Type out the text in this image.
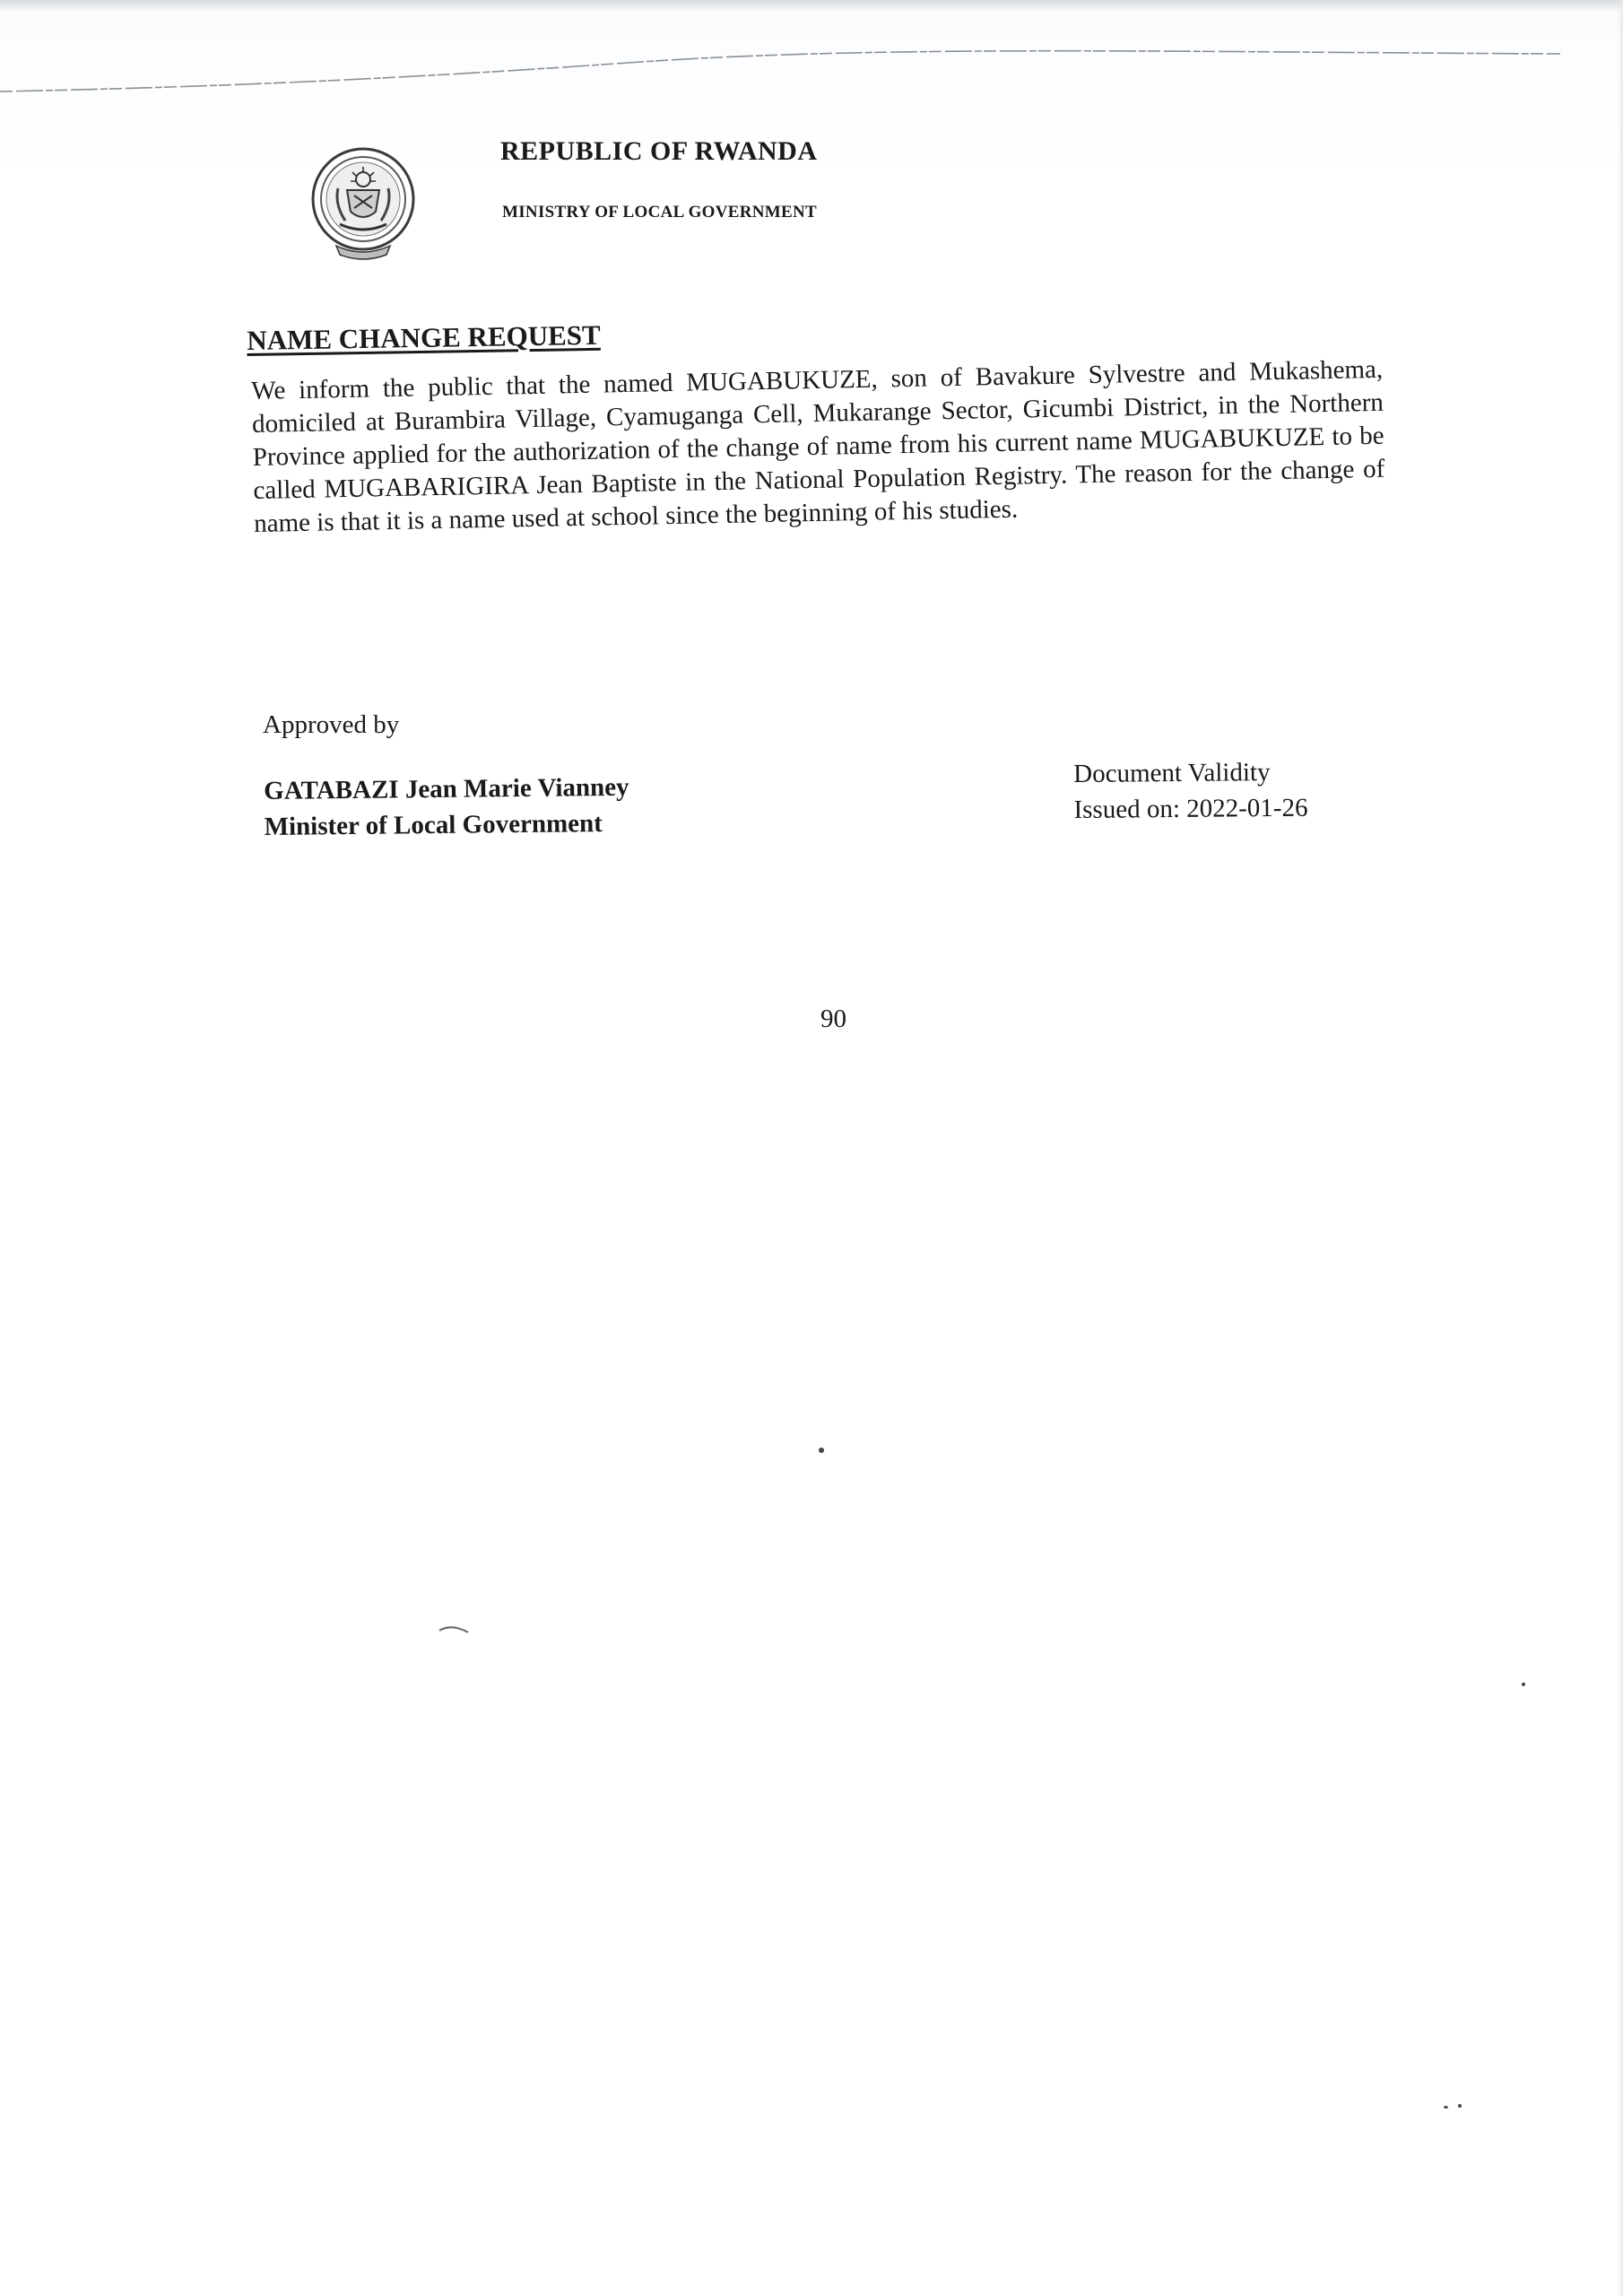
REPUBLIC OF RWANDA
MINISTRY OF LOCAL GOVERNMENT
NAME CHANGE REQUEST
We inform the public that the named MUGABUKUZE, son of Bavakure Sylvestre and Mukashema, domiciled at Burambira Village, Cyamuganga Cell, Mukarange Sector, Gicumbi District, in the Northern Province applied for the authorization of the change of name from his current name MUGABUKUZE to be called MUGABARIGIRA Jean Baptiste in the National Population Registry. The reason for the change of name is that it is a name used at school since the beginning of his studies.
Approved by
GATABAZI Jean Marie Vianney
Minister of Local Government
Document Validity
Issued on: 2022-01-26
90
